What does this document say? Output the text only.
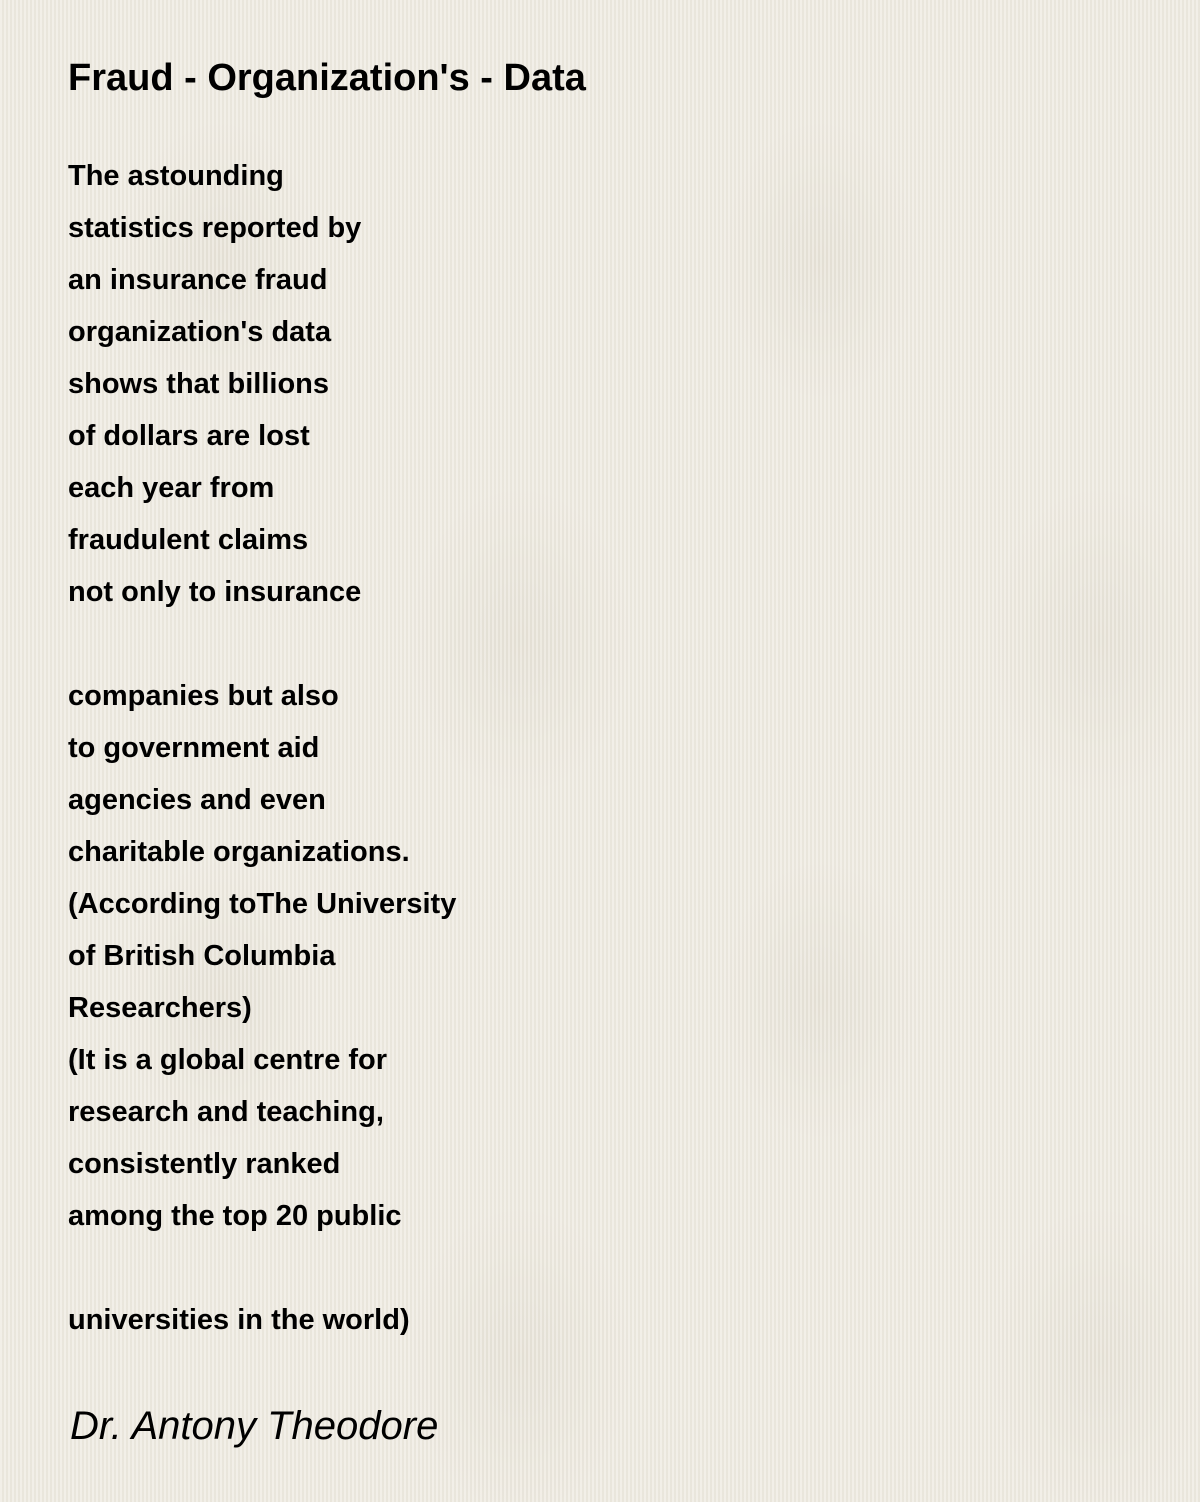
Fraud - Organization's - Data
The astounding
statistics reported by
an insurance fraud
organization's data
shows that billions
of dollars are lost
each year from
fraudulent claims
not only to insurance
companies but also
to government aid
agencies and even
charitable organizations.
(According toThe University
of British Columbia
Researchers)
(It is a global centre for
research and teaching,
consistently ranked
among the top 20 public
universities in the world)

Dr. Antony Theodore
